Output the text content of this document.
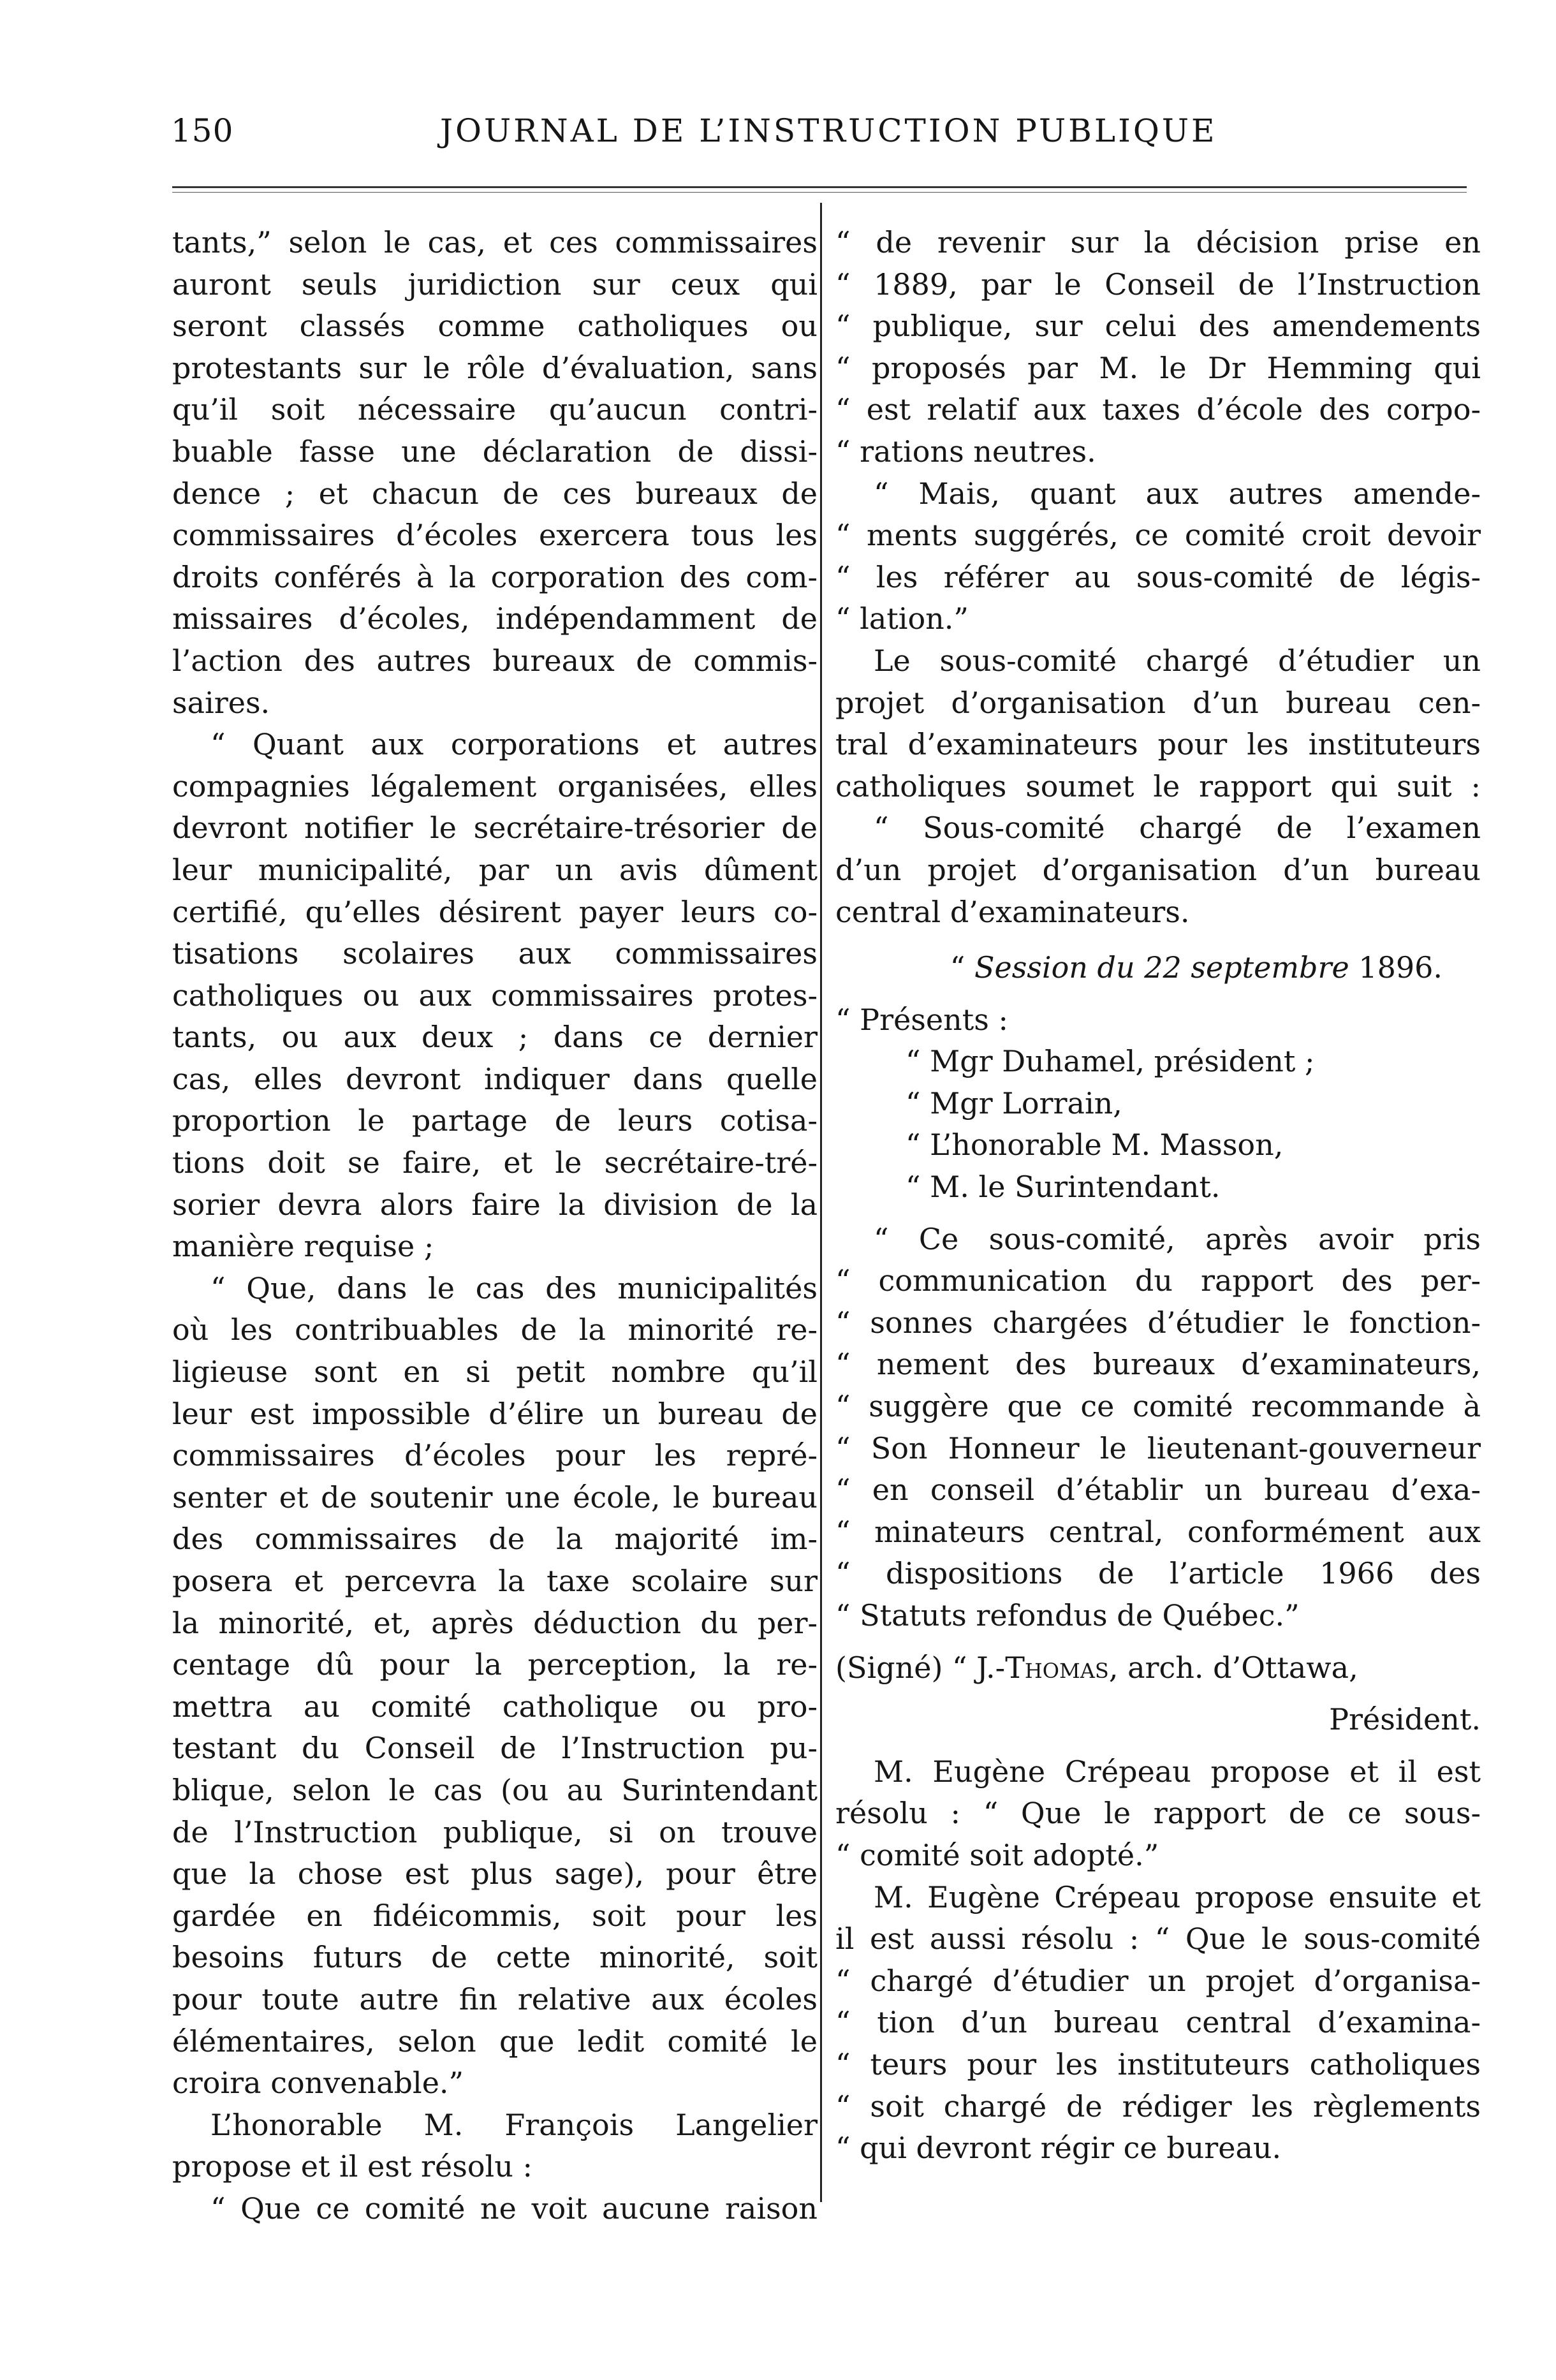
150	JOURNAL DE L’INSTRUCTION PUBLIQUE
tants,” selon le cas, et ces commissaires
auront seuls juridiction sur ceux qui
seront classés comme catholiques ou
protestants sur le rôle d’évaluation, sans
qu’il soit nécessaire qu’aucun contri-
buable fasse une déclaration de dissi-
dence ; et chacun de ces bureaux de
commissaires d’écoles exercera tous les
droits conférés à la corporation des com-
missaires d’écoles, indépendamment de
l’action des autres bureaux de commis-
saires.
“ Quant aux corporations et autres
compagnies légalement organisées, elles
devront notifier le secrétaire-trésorier de
leur municipalité, par un avis dûment
certifié, qu’elles désirent payer leurs co-
tisations scolaires aux commissaires
catholiques ou aux commissaires protes-
tants, ou aux deux ; dans ce dernier
cas, elles devront indiquer dans quelle
proportion le partage de leurs cotisa-
tions doit se faire, et le secrétaire-tré-
sorier devra alors faire la division de la
manière requise ;
“ Que, dans le cas des municipalités
où les contribuables de la minorité re-
ligieuse sont en si petit nombre qu’il
leur est impossible d’élire un bureau de
commissaires d’écoles pour les repré-
senter et de soutenir une école, le bureau
des commissaires de la majorité im-
posera et percevra la taxe scolaire sur
la minorité, et, après déduction du per-
centage dû pour la perception, la re-
mettra au comité catholique ou pro-
testant du Conseil de l’Instruction pu-
blique, selon le cas (ou au Surintendant
de l’Instruction publique, si on trouve
que la chose est plus sage), pour être
gardée en fidéicommis, soit pour les
besoins futurs de cette minorité, soit
pour toute autre fin relative aux écoles
élémentaires, selon que ledit comité le
croira convenable.”
L’honorable M. François Langelier
propose et il est résolu :
“ Que ce comité ne voit aucune raison
“ de revenir sur la décision prise en
“ 1889, par le Conseil de l’Instruction
“ publique, sur celui des amendements
“ proposés par M. le Dr Hemming qui
“ est relatif aux taxes d’école des corpo-
“ rations neutres.
“ Mais, quant aux autres amende-
“ ments suggérés, ce comité croit devoir
“ les référer au sous-comité de légis-
“ lation.”
Le sous-comité chargé d’étudier un
projet d’organisation d’un bureau cen-
tral d’examinateurs pour les instituteurs
catholiques soumet le rapport qui suit :
“ Sous-comité chargé de l’examen
d’un projet d’organisation d’un bureau
central d’examinateurs.
“ Session du 22 septembre 1896.
“ Présents :
“ Mgr Duhamel, président ;
“ Mgr Lorrain,
“ L’honorable M. Masson,
“ M. le Surintendant.
“ Ce sous-comité, après avoir pris
“ communication du rapport des per-
“ sonnes chargées d’étudier le fonction-
“ nement des bureaux d’examinateurs,
“ suggère que ce comité recommande à
“ Son Honneur le lieutenant-gouverneur
“ en conseil d’établir un bureau d’exa-
“ minateurs central, conformément aux
“ dispositions de l’article 1966 des
“ Statuts refondus de Québec.”
(Signé) “ J.-Thomas, arch. d’Ottawa,
Président.
M. Eugène Crépeau propose et il est
résolu : “ Que le rapport de ce sous-
“ comité soit adopté.”
M. Eugène Crépeau propose ensuite et
il est aussi résolu : “ Que le sous-comité
“ chargé d’étudier un projet d’organisa-
“ tion d’un bureau central d’examina-
“ teurs pour les instituteurs catholiques
“ soit chargé de rédiger les règlements
“ qui devront régir ce bureau.
